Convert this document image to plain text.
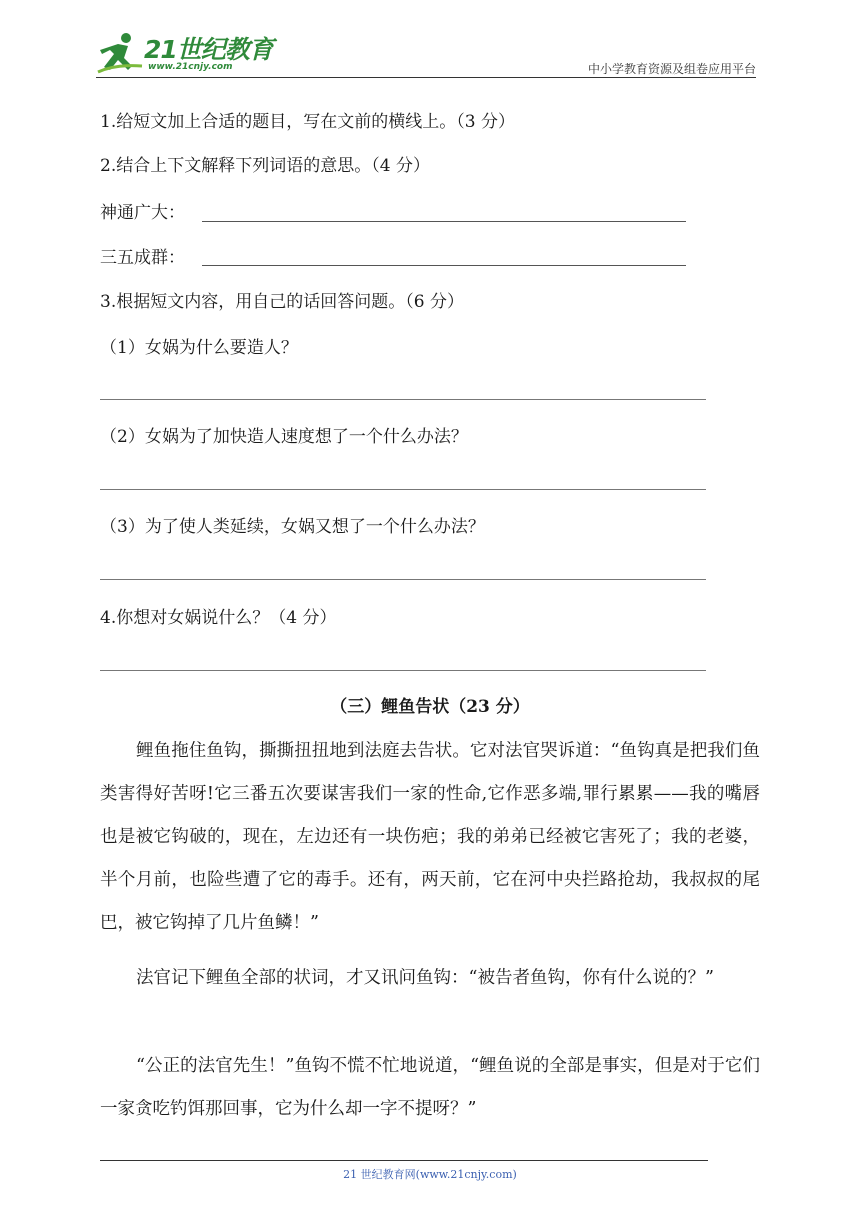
21世纪教育
www.21cnjy.com	中小学教育资源及组卷应用平台
1.给短文加上合适的题目，写在文前的横线上。（3 分）
2.结合上下文解释下列词语的意思。（4 分）
神通广大：
三五成群：
3.根据短文内容，用自己的话回答问题。（6 分）
（1）女娲为什么要造人？
（2）女娲为了加快造人速度想了一个什么办法？
（3）为了使人类延续，女娲又想了一个什么办法？
4.你想对女娲说什么？（4 分）
（三）鲤鱼告状（23 分）
鲤鱼拖住鱼钩，撕撕扭扭地到法庭去告状。它对法官哭诉道：“鱼钩真是把我们鱼类害得好苦呀!它三番五次要谋害我们一家的性命,它作恶多端,罪行累累——我的嘴唇也是被它钩破的，现在，左边还有一块伤疤；我的弟弟已经被它害死了；我的老婆，半个月前，也险些遭了它的毒手。还有，两天前，它在河中央拦路抢劫，我叔叔的尾巴，被它钩掉了几片鱼鳞！”
法官记下鲤鱼全部的状词，才又讯问鱼钩：“被告者鱼钩，你有什么说的？”
“公正的法官先生！”鱼钩不慌不忙地说道，“鲤鱼说的全部是事实，但是对于它们一家贪吃钓饵那回事，它为什么却一字不提呀？”
21 世纪教育网(www.21cnjy.com)
